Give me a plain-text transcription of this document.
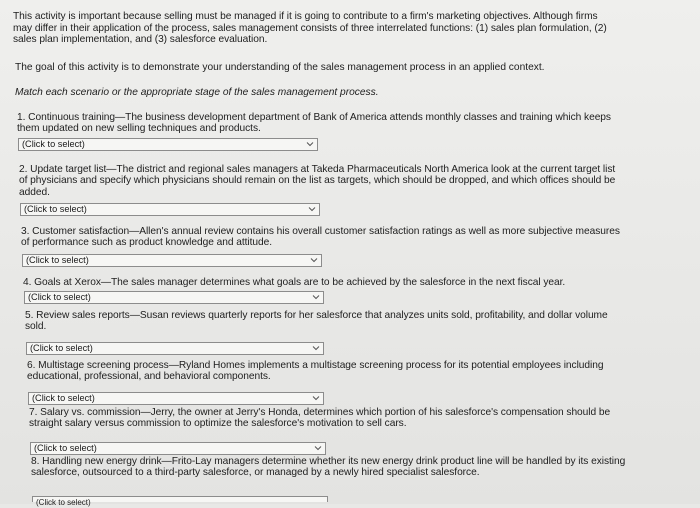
This activity is important because selling must be managed if it is going to contribute to a firm's marketing objectives. Although firms
may differ in their application of the process, sales management consists of three interrelated functions: (1) sales plan formulation, (2)
sales plan implementation, and (3) salesforce evaluation.
The goal of this activity is to demonstrate your understanding of the sales management process in an applied context.
Match each scenario or the appropriate stage of the sales management process.
1. Continuous training—The business development department of Bank of America attends monthly classes and training which keeps
them updated on new selling techniques and products.
(Click to select)
2. Update target list—The district and regional sales managers at Takeda Pharmaceuticals North America look at the current target list
of physicians and specify which physicians should remain on the list as targets, which should be dropped, and which offices should be
added.
(Click to select)
3. Customer satisfaction—Allen's annual review contains his overall customer satisfaction ratings as well as more subjective measures
of performance such as product knowledge and attitude.
(Click to select)
4. Goals at Xerox—The sales manager determines what goals are to be achieved by the salesforce in the next fiscal year.
(Click to select)
5. Review sales reports—Susan reviews quarterly reports for her salesforce that analyzes units sold, profitability, and dollar volume
sold.
(Click to select)
6. Multistage screening process—Ryland Homes implements a multistage screening process for its potential employees including
educational, professional, and behavioral components.
(Click to select)
7. Salary vs. commission—Jerry, the owner at Jerry's Honda, determines which portion of his salesforce's compensation should be
straight salary versus commission to optimize the salesforce's motivation to sell cars.
(Click to select)
8. Handling new energy drink—Frito-Lay managers determine whether its new energy drink product line will be handled by its existing
salesforce, outsourced to a third-party salesforce, or managed by a newly hired specialist salesforce.
(Click to select)
